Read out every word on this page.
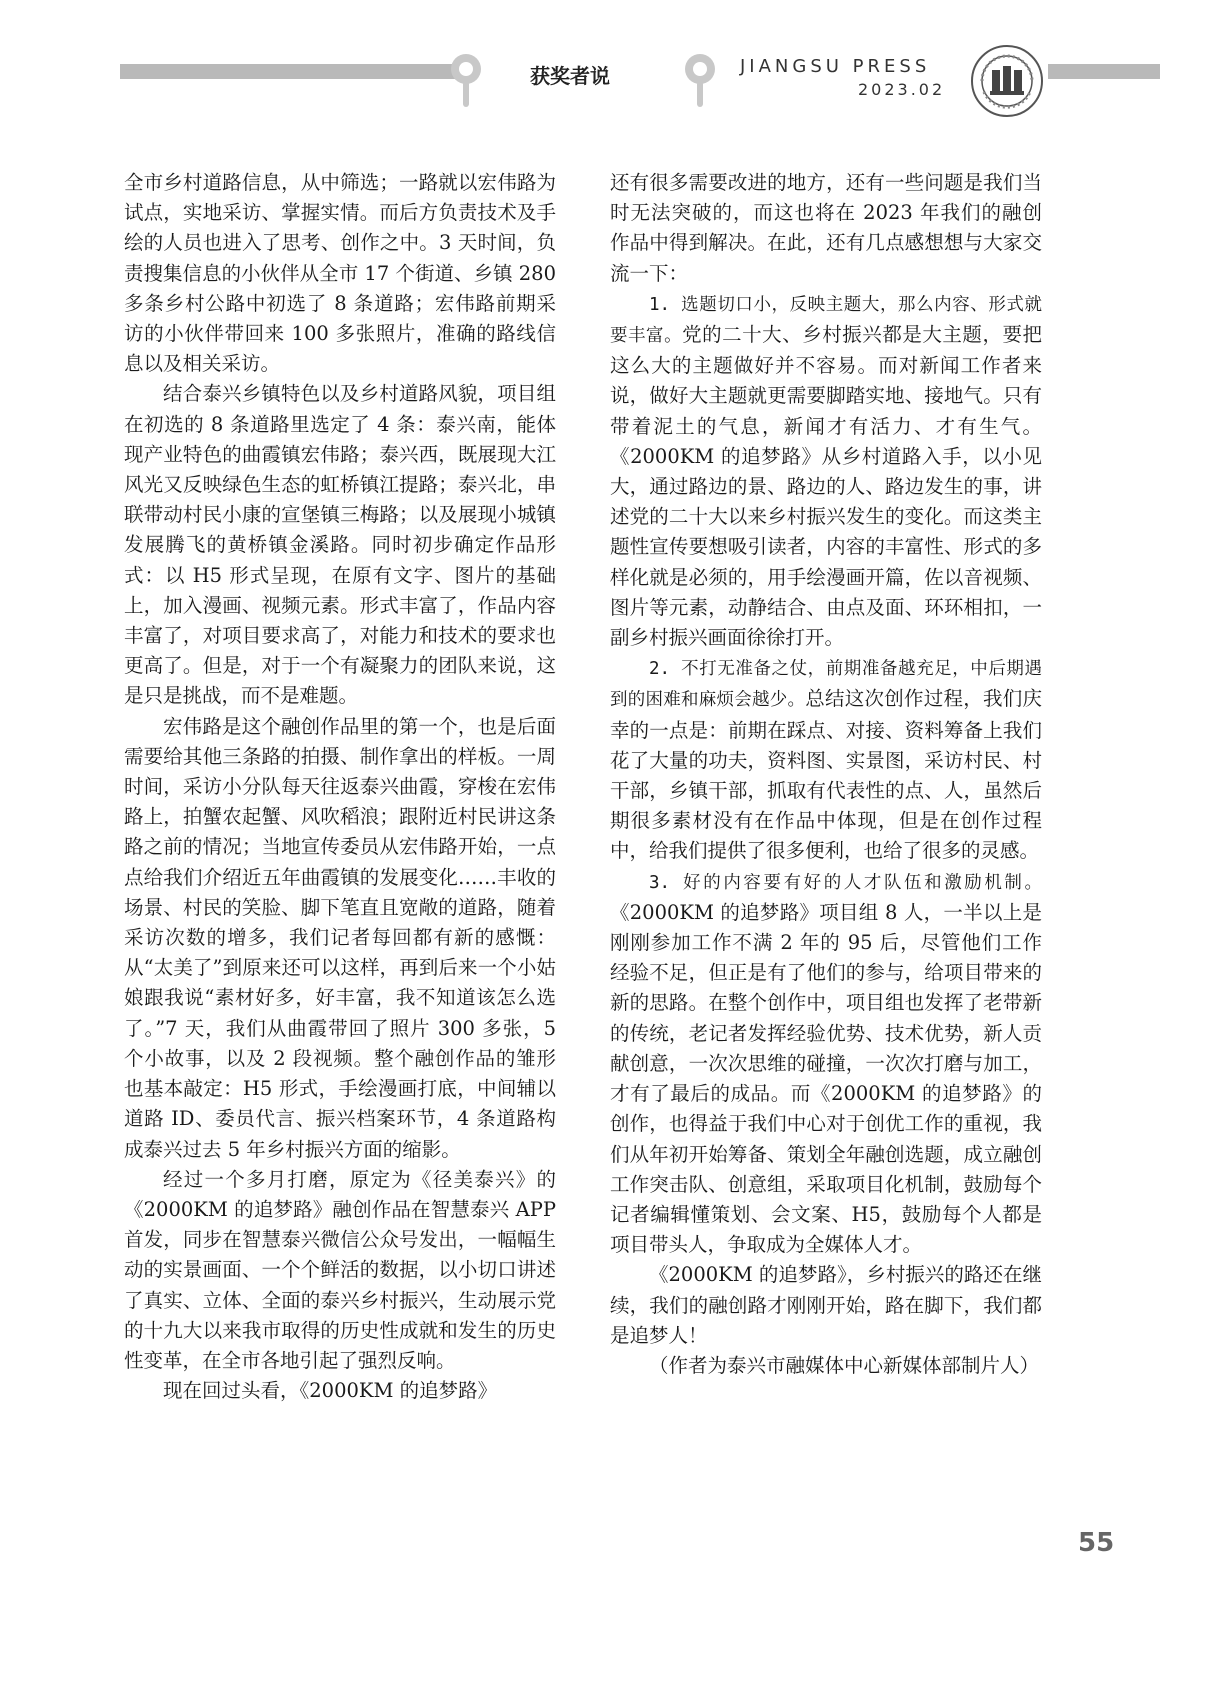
获奖者说	JIANGSU PRESS
2023.02

全市乡村道路信息，从中筛选；一路就以宏伟路为试点，实地采访、掌握实情。而后方负责技术及手绘的人员也进入了思考、创作之中。3 天时间，负责搜集信息的小伙伴从全市 17 个街道、乡镇 280 多条乡村公路中初选了 8 条道路；宏伟路前期采访的小伙伴带回来 100 多张照片，准确的路线信息以及相关采访。

结合泰兴乡镇特色以及乡村道路风貌，项目组在初选的 8 条道路里选定了 4 条：泰兴南，能体现产业特色的曲霞镇宏伟路；泰兴西，既展现大江风光又反映绿色生态的虹桥镇江提路；泰兴北，串联带动村民小康的宣堡镇三梅路；以及展现小城镇发展腾飞的黄桥镇金溪路。同时初步确定作品形式：以 H5 形式呈现，在原有文字、图片的基础上，加入漫画、视频元素。形式丰富了，作品内容丰富了，对项目要求高了，对能力和技术的要求也更高了。但是，对于一个有凝聚力的团队来说，这是只是挑战，而不是难题。

宏伟路是这个融创作品里的第一个，也是后面需要给其他三条路的拍摄、制作拿出的样板。一周时间，采访小分队每天往返泰兴曲霞，穿梭在宏伟路上，拍蟹农起蟹、风吹稻浪；跟附近村民讲这条路之前的情况；当地宣传委员从宏伟路开始，一点点给我们介绍近五年曲霞镇的发展变化……丰收的场景、村民的笑脸、脚下笔直且宽敞的道路，随着采访次数的增多，我们记者每回都有新的感慨：从“太美了”到原来还可以这样，再到后来一个小姑娘跟我说“素材好多，好丰富，我不知道该怎么选了。”7 天，我们从曲霞带回了照片 300 多张，5 个小故事，以及 2 段视频。整个融创作品的雏形也基本敲定：H5 形式，手绘漫画打底，中间辅以道路 ID、委员代言、振兴档案环节，4 条道路构成泰兴过去 5 年乡村振兴方面的缩影。

经过一个多月打磨，原定为《径美泰兴》的《2000KM 的追梦路》融创作品在智慧泰兴 APP 首发，同步在智慧泰兴微信公众号发出，一幅幅生动的实景画面、一个个鲜活的数据，以小切口讲述了真实、立体、全面的泰兴乡村振兴，生动展示党的十九大以来我市取得的历史性成就和发生的历史性变革，在全市各地引起了强烈反响。

现在回过头看，《2000KM 的追梦路》

还有很多需要改进的地方，还有一些问题是我们当时无法突破的，而这也将在 2023 年我们的融创作品中得到解决。在此，还有几点感想想与大家交流一下：

1. 选题切口小，反映主题大，那么内容、形式就要丰富。党的二十大、乡村振兴都是大主题，要把这么大的主题做好并不容易。而对新闻工作者来说，做好大主题就更需要脚踏实地、接地气。只有带着泥土的气息，新闻才有活力、才有生气。《2000KM 的追梦路》从乡村道路入手，以小见大，通过路边的景、路边的人、路边发生的事，讲述党的二十大以来乡村振兴发生的变化。而这类主题性宣传要想吸引读者，内容的丰富性、形式的多样化就是必须的，用手绘漫画开篇，佐以音视频、图片等元素，动静结合、由点及面、环环相扣，一副乡村振兴画面徐徐打开。

2. 不打无准备之仗，前期准备越充足，中后期遇到的困难和麻烦会越少。总结这次创作过程，我们庆幸的一点是：前期在踩点、对接、资料筹备上我们花了大量的功夫，资料图、实景图，采访村民、村干部，乡镇干部，抓取有代表性的点、人，虽然后期很多素材没有在作品中体现，但是在创作过程中，给我们提供了很多便利，也给了很多的灵感。

3. 好的内容要有好的人才队伍和激励机制。《2000KM 的追梦路》项目组 8 人，一半以上是刚刚参加工作不满 2 年的 95 后，尽管他们工作经验不足，但正是有了他们的参与，给项目带来的新的思路。在整个创作中，项目组也发挥了老带新的传统，老记者发挥经验优势、技术优势，新人贡献创意，一次次思维的碰撞，一次次打磨与加工，才有了最后的成品。而《2000KM 的追梦路》的创作，也得益于我们中心对于创优工作的重视，我们从年初开始筹备、策划全年融创选题，成立融创工作突击队、创意组，采取项目化机制，鼓励每个记者编辑懂策划、会文案、H5，鼓励每个人都是项目带头人，争取成为全媒体人才。

《2000KM 的追梦路》，乡村振兴的路还在继续，我们的融创路才刚刚开始，路在脚下，我们都是追梦人！

（作者为泰兴市融媒体中心新媒体部制片人）

55
